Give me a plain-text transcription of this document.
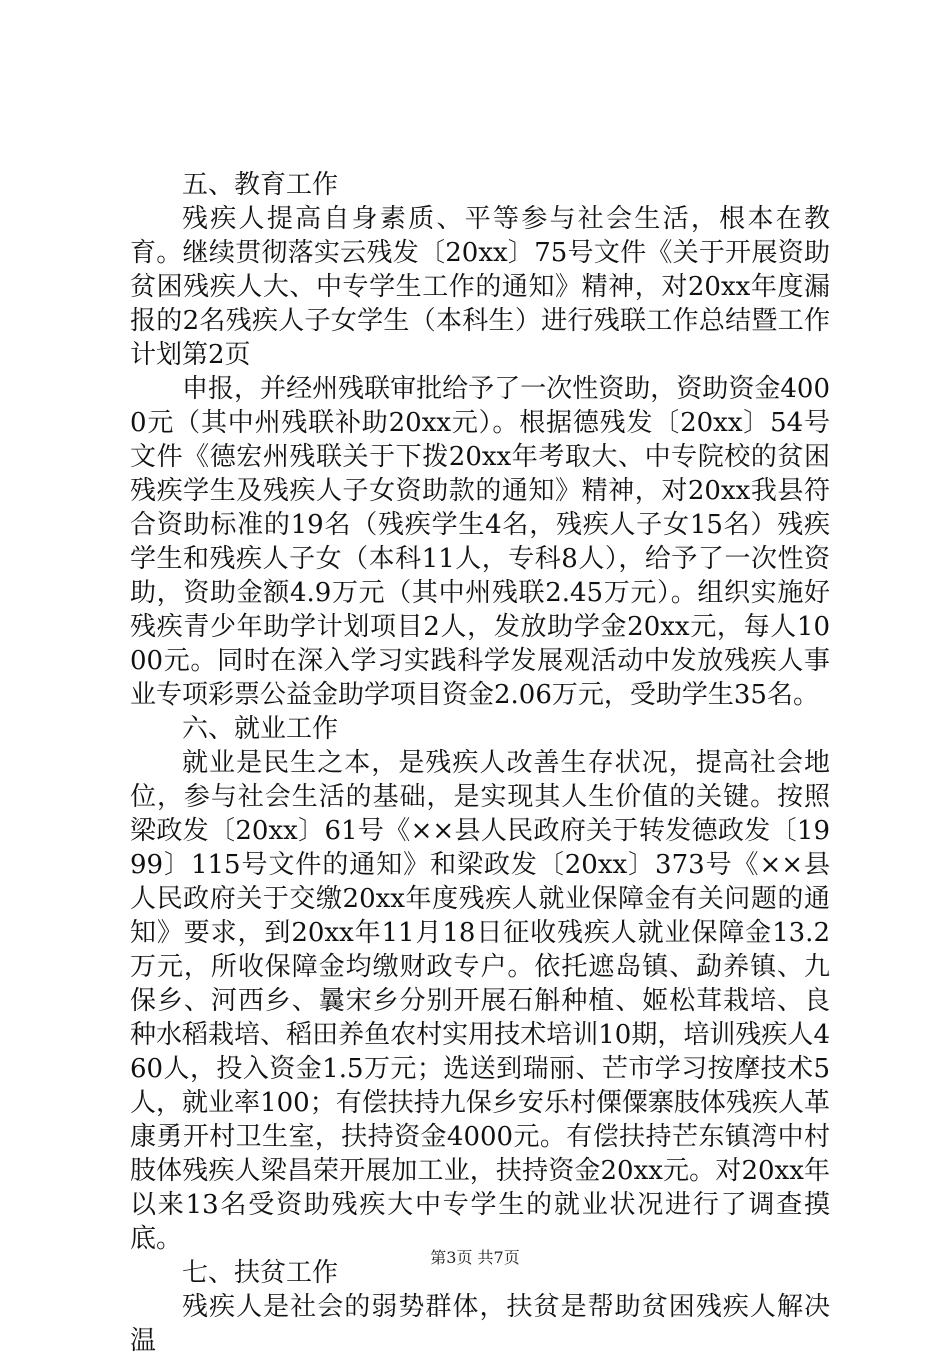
五、教育工作

残疾人提高自身素质、平等参与社会生活，根本在教育。继续贯彻落实云残发〔20xx〕75号文件《关于开展资助贫困残疾人大、中专学生工作的通知》精神，对20xx年度漏报的2名残疾人子女学生（本科生）进行残联工作总结暨工作计划第2页

申报，并经州残联审批给予了一次性资助，资助资金4000元（其中州残联补助20xx元）。根据德残发〔20xx〕54号文件《德宏州残联关于下拨20xx年考取大、中专院校的贫困残疾学生及残疾人子女资助款的通知》精神，对20xx我县符合资助标准的19名（残疾学生4名，残疾人子女15名）残疾学生和残疾人子女（本科11人，专科8人），给予了一次性资助，资助金额4.9万元（其中州残联2.45万元）。组织实施好残疾青少年助学计划项目2人，发放助学金20xx元，每人1000元。同时在深入学习实践科学发展观活动中发放残疾人事业专项彩票公益金助学项目资金2.06万元，受助学生35名。

六、就业工作

就业是民生之本，是残疾人改善生存状况，提高社会地位，参与社会生活的基础，是实现其人生价值的关键。按照梁政发〔20xx〕61号《××县人民政府关于转发德政发〔1999〕115号文件的通知》和梁政发〔20xx〕373号《××县人民政府关于交缴20xx年度残疾人就业保障金有关问题的通知》要求，到20xx年11月18日征收残疾人就业保障金13.2万元，所收保障金均缴财政专户。依托遮岛镇、勐养镇、九保乡、河西乡、曩宋乡分别开展石斛种植、姬松茸栽培、良种水稻栽培、稻田养鱼农村实用技术培训10期，培训残疾人460人，投入资金1.5万元；选送到瑞丽、芒市学习按摩技术5人，就业率100；有偿扶持九保乡安乐村傈僳寨肢体残疾人革康勇开村卫生室，扶持资金4000元。有偿扶持芒东镇湾中村肢体残疾人梁昌荣开展加工业，扶持资金20xx元。对20xx年以来13名受资助残疾大中专学生的就业状况进行了调查摸底。

七、扶贫工作

残疾人是社会的弱势群体，扶贫是帮助贫困残疾人解决温

第3页 共7页
